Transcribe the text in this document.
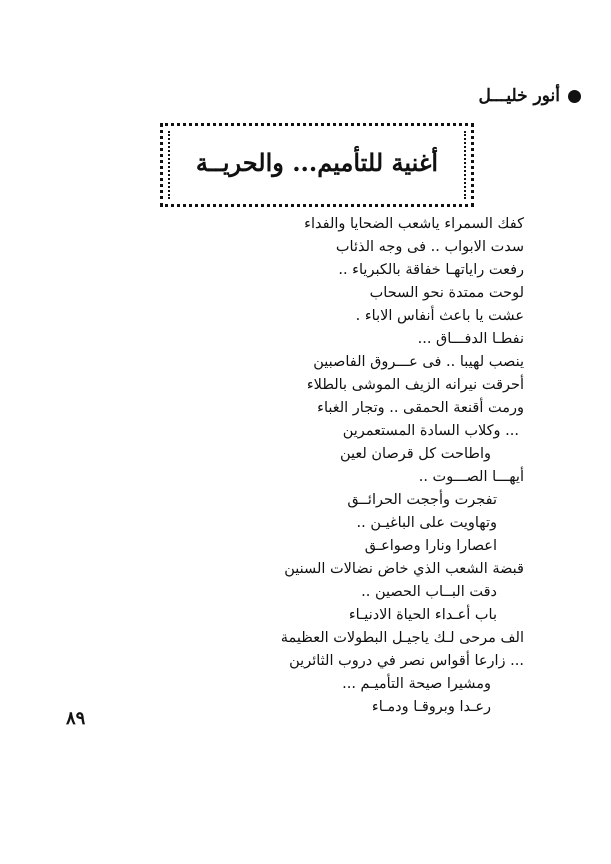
أنور خليـــل
أغنية للتأميم... والحريــة
كفك السمراء ياشعب الضحايا والفداء
سدت الابواب .. فى وجه الذئاب
رفعت راياتهـا خفاقة بالكبرياء ..
لوحت ممتدة نحو السحاب
عشت يا باعث أنفاس الاباء .
نفطـا الدفـــاق ...
ينصب لهيبا .. فى عـــروق الفاصبين
أحرقت نيرانه الزيف الموشى بالطلاء
ورمت أقنعة الحمقى .. وتجار الغباء
... وكلاب السادة المستعمرين
واطاحت كل قرصان لعين
أيهـــا الصـــوت ..
تفجرت وأججت الحرائــق
وتهاويت على الباغيـن ..
اعصارا ونارا وصواعـق
قبضة الشعب الذي خاض نضالات السنين
دقت البــاب الحصين ..
باب أعـداء الحياة الادنيـاء
الف مرحى لـك ياجيـل البطولات العظيمة
... زارعا أقواس نصر في دروب الثائرين
ومشيرا صيحة التأميـم ...
رعـدا وبروقـا ودمـاء
٨٩
